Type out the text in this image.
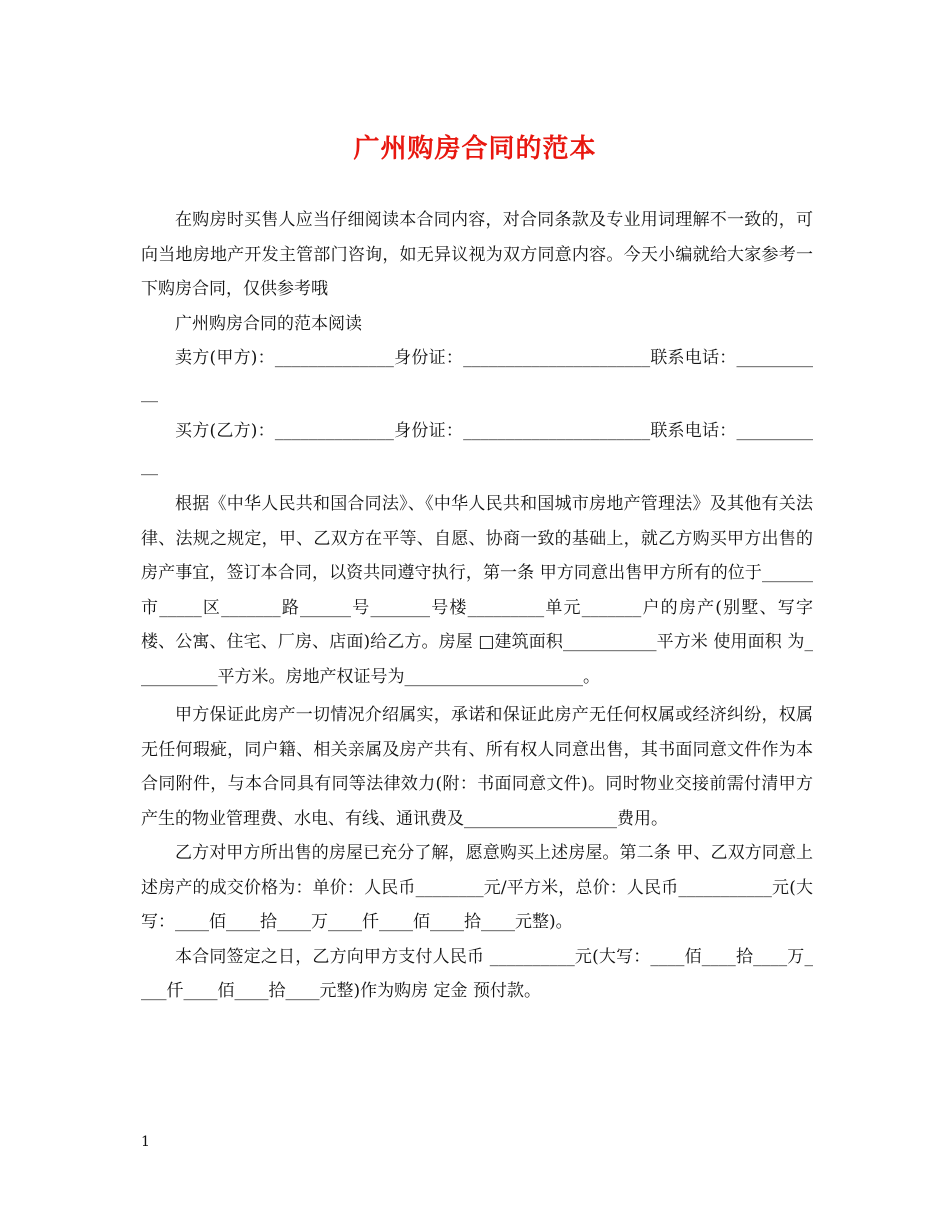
广州购房合同的范本

在购房时买售人应当仔细阅读本合同内容，对合同条款及专业用词理解不一致的，可向当地房地产开发主管部门咨询，如无异议视为双方同意内容。今天小编就给大家参考一下购房合同，仅供参考哦

广州购房合同的范本阅读

卖方(甲方)：______________身份证：______________________联系电话：___________

买方(乙方)：______________身份证：______________________联系电话：___________

根据《中华人民共和国合同法》、《中华人民共和国城市房地产管理法》及其他有关法律、法规之规定，甲、乙双方在平等、自愿、协商一致的基础上，就乙方购买甲方出售的房产事宜，签订本合同，以资共同遵守执行，第一条 甲方同意出售甲方所有的位于______市_____区_______路______号_______号楼_________单元_______户的房产(别墅、写字楼、公寓、住宅、厂房、店面)给乙方。房屋 □建筑面积___________平方米 使用面积 为__________平方米。房地产权证号为_____________________。

甲方保证此房产一切情况介绍属实，承诺和保证此房产无任何权属或经济纠纷，权属无任何瑕疵，同户籍、相关亲属及房产共有、所有权人同意出售，其书面同意文件作为本合同附件，与本合同具有同等法律效力(附：书面同意文件)。同时物业交接前需付清甲方产生的物业管理费、水电、有线、通讯费及__________________费用。

乙方对甲方所出售的房屋已充分了解，愿意购买上述房屋。第二条 甲、乙双方同意上述房产的成交价格为：单价：人民币________元/平方米，总价：人民币___________元(大写：____佰____拾____万____仟____佰____拾____元整)。

本合同签定之日，乙方向甲方支付人民币 __________元(大写：____佰____拾____万____仟____佰____拾____元整)作为购房 定金 预付款。

1
